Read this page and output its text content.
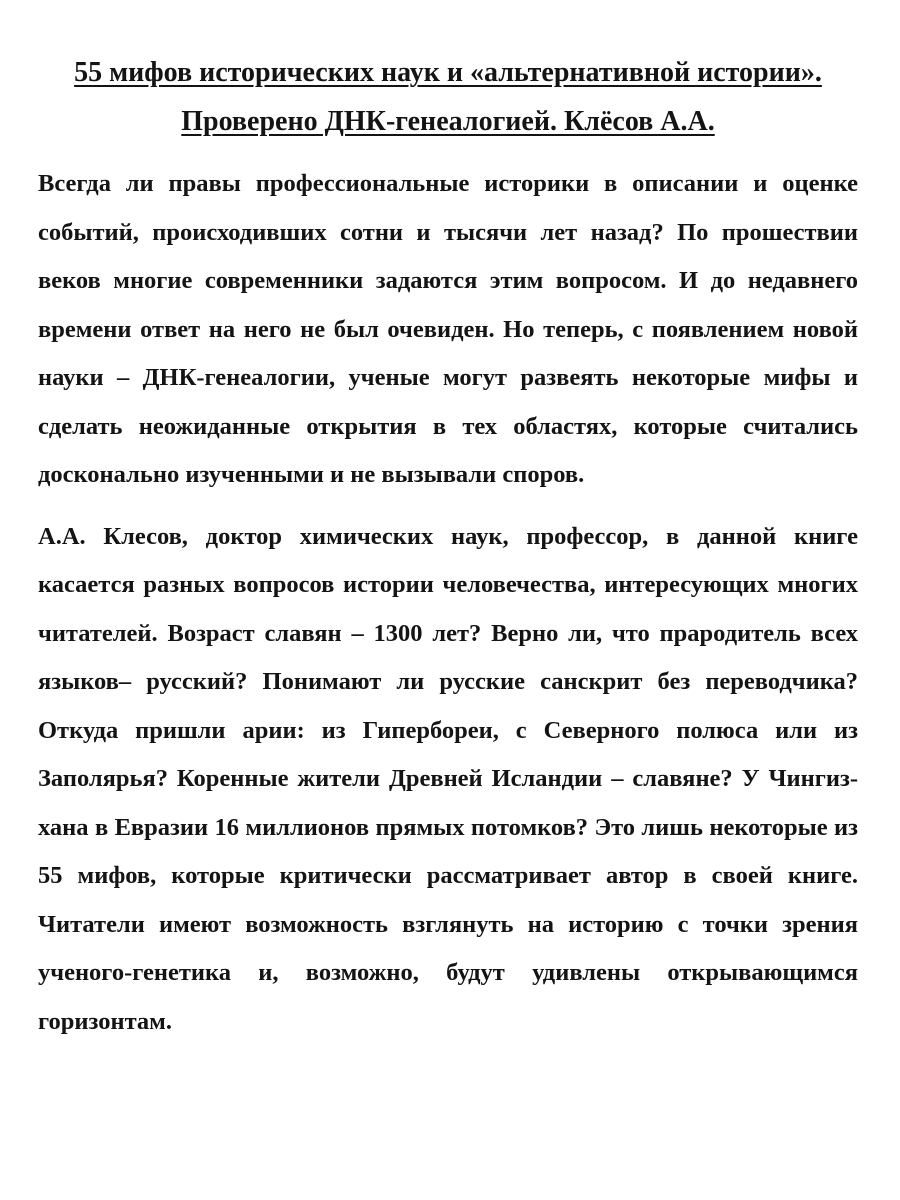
55 мифов исторических наук и «альтернативной истории». Проверено ДНК-генеалогией. Клёсов А.А.

Всегда ли правы профессиональные историки в описании и оценке событий, происходивших сотни и тысячи лет назад? По прошествии веков многие современники задаются этим вопросом. И до недавнего времени ответ на него не был очевиден. Но теперь, с появлением новой науки – ДНК-генеалогии, ученые могут развеять некоторые мифы и сделать неожиданные открытия в тех областях, которые считались досконально изученными и не вызывали споров.

А.А. Клесов, доктор химических наук, профессор, в данной книге касается разных вопросов истории человечества, интересующих многих читателей. Возраст славян – 1300 лет? Верно ли, что прародитель всех языков– русский? Понимают ли русские санскрит без переводчика? Откуда пришли арии: из Гипербореи, с Северного полюса или из Заполярья? Коренные жители Древней Исландии – славяне? У Чингиз-хана в Евразии 16 миллионов прямых потомков? Это лишь некоторые из 55 мифов, которые критически рассматривает автор в своей книге. Читатели имеют возможность взглянуть на историю с точки зрения ученого-генетика и, возможно, будут удивлены открывающимся горизонтам.
